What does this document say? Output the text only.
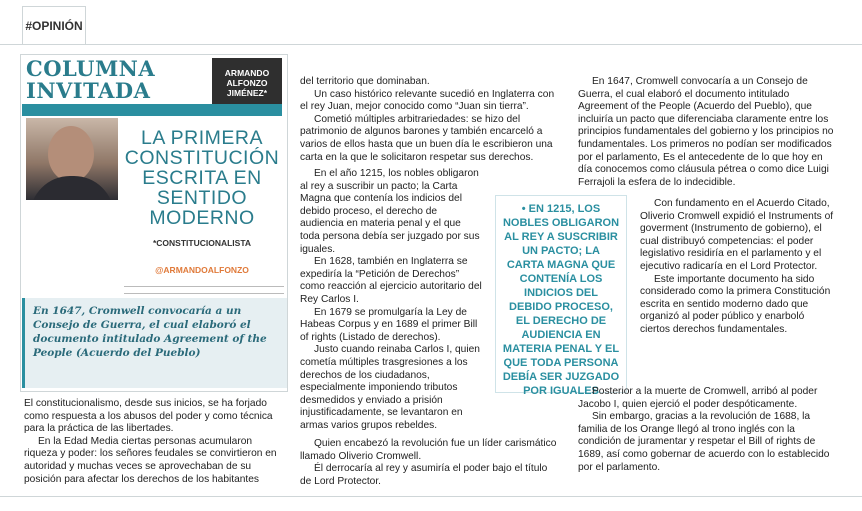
#OPINIÓN
COLUMNA
INVITADA
ARMANDO
ALFONZO
JIMÉNEZ*
LA PRIMERA
CONSTITUCIÓN
ESCRITA EN
SENTIDO
MODERNO
*CONSTITUCIONALISTA
@ARMANDOALFONZO
En 1647, Cromwell convocaría a un Consejo de Guerra, el cual elaboró el documento intitulado Agreement of the People (Acuerdo del Pueblo)

El constitucionalismo, desde sus inicios, se ha forjado como respuesta a los abusos del poder y como técnica para la práctica de las libertades.

En la Edad Media ciertas personas acumularon riqueza y poder: los señores feudales se convirtieron en autoridad y muchas veces se aprovechaban de su posición para afectar los derechos de los habitantes

del territorio que dominaban.

Un caso histórico relevante sucedió en Inglaterra con el rey Juan, mejor conocido como “Juan sin tierra”.

Cometió múltiples arbitrariedades: se hizo del patrimonio de algunos barones y también encarceló a varios de ellos hasta que un buen día le escribieron una carta en la que le solicitaron respetar sus derechos.

En el año 1215, los nobles obligaron al rey a suscribir un pacto; la Carta Magna que contenía los indicios del debido proceso, el derecho de audiencia en materia penal y el que toda persona debía ser juzgado por sus iguales.

En 1628, también en Inglaterra se expediría la “Petición de Derechos” como reacción al ejercicio autoritario del Rey Carlos I.

En 1679 se promulgaría la Ley de Habeas Corpus y en 1689 el primer Bill of rights (Listado de derechos).

Justo cuando reinaba Carlos I, quien cometía múltiples trasgresiones a los derechos de los ciudadanos, especialmente imponiendo tributos desmedidos y enviado a prisión injustificadamente, se levantaron en armas varios grupos rebeldes.

Quien encabezó la revolución fue un líder carismático llamado Oliverio Cromwell.

Él derrocaría al rey y asumiría el poder bajo el título de Lord Protector.

• EN 1215, LOS NOBLES OBLIGARON AL REY A SUSCRIBIR UN PACTO; LA CARTA MAGNA QUE CONTENÍA LOS INDICIOS DEL DEBIDO PROCESO, EL DERECHO DE AUDIENCIA EN MATERIA PENAL Y EL QUE TODA PERSONA DEBÍA SER JUZGADO POR IGUALES

En 1647, Cromwell convocaría a un Consejo de Guerra, el cual elaboró el documento intitulado Agreement of the People (Acuerdo del Pueblo), que incluiría un pacto que diferenciaba claramente entre los principios fundamentales del gobierno y los principios no fundamentales. Los primeros no podían ser modificados por el parlamento, Es el antecedente de lo que hoy en día conocemos como cláusula pétrea o como dice Luigi Ferrajoli la esfera de lo indecidible.

Con fundamento en el Acuerdo Citado, Oliverio Cromwell expidió el Instruments of goverment (Instrumento de gobierno), el cual distribuyó competencias: el poder legislativo residiría en el parlamento y el ejecutivo radicaría en el Lord Protector.

Este importante documento ha sido considerado como la primera Constitución escrita en sentido moderno dado que organizó al poder público y enarboló ciertos derechos fundamentales.

Posterior a la muerte de Cromwell, arribó al poder Jacobo I, quien ejerció el poder despóticamente.

Sin embargo, gracias a la revolución de 1688, la familia de los Orange llegó al trono inglés con la condición de juramentar y respetar el Bill of rights de 1689, así como gobernar de acuerdo con lo establecido por el parlamento.
